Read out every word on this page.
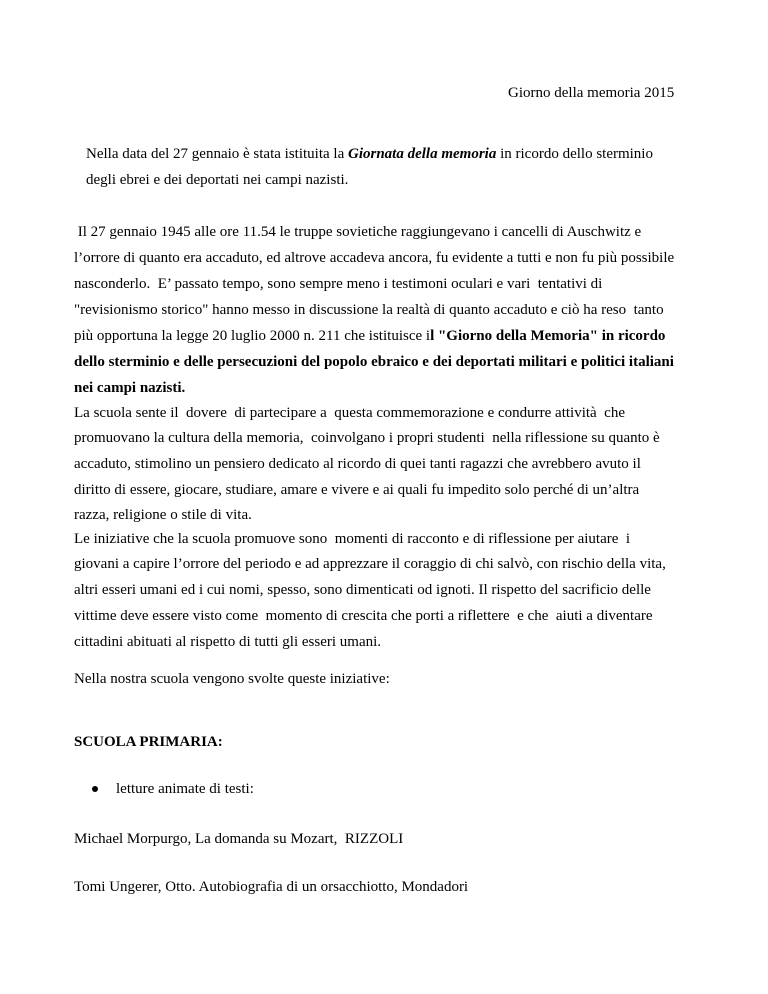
Giorno della memoria 2015
Nella data del 27 gennaio è stata istituita la Giornata della memoria in ricordo dello sterminio
degli ebrei e dei deportati nei campi nazisti.
Il 27 gennaio 1945 alle ore 11.54 le truppe sovietiche raggiungevano i cancelli di Auschwitz e
l’orrore di quanto era accaduto, ed altrove accadeva ancora, fu evidente a tutti e non fu più possibile
nasconderlo.  E’ passato tempo, sono sempre meno i testimoni oculari e vari  tentativi di
"revisionismo storico" hanno messo in discussione la realtà di quanto accaduto e ciò ha reso  tanto
più opportuna la legge 20 luglio 2000 n. 211 che istituisce il "Giorno della Memoria" in ricordo
dello sterminio e delle persecuzioni del popolo ebraico e dei deportati militari e politici italiani
nei campi nazisti.
La scuola sente il  dovere  di partecipare a  questa commemorazione e condurre attività  che
promuovano la cultura della memoria,  coinvolgano i propri studenti  nella riflessione su quanto è
accaduto, stimolino un pensiero dedicato al ricordo di quei tanti ragazzi che avrebbero avuto il
diritto di essere, giocare, studiare, amare e vivere e ai quali fu impedito solo perché di un’altra
razza, religione o stile di vita.
Le iniziative che la scuola promuove sono  momenti di racconto e di riflessione per aiutare  i
giovani a capire l’orrore del periodo e ad apprezzare il coraggio di chi salvò, con rischio della vita,
altri esseri umani ed i cui nomi, spesso, sono dimenticati od ignoti. Il rispetto del sacrificio delle
vittime deve essere visto come  momento di crescita che porti a riflettere  e che  aiuti a diventare
cittadini abituati al rispetto di tutti gli esseri umani.
Nella nostra scuola vengono svolte queste iniziative:
SCUOLA PRIMARIA:
letture animate di testi:
Michael Morpurgo, La domanda su Mozart,  RIZZOLI
Tomi Ungerer, Otto. Autobiografia di un orsacchiotto, Mondadori
